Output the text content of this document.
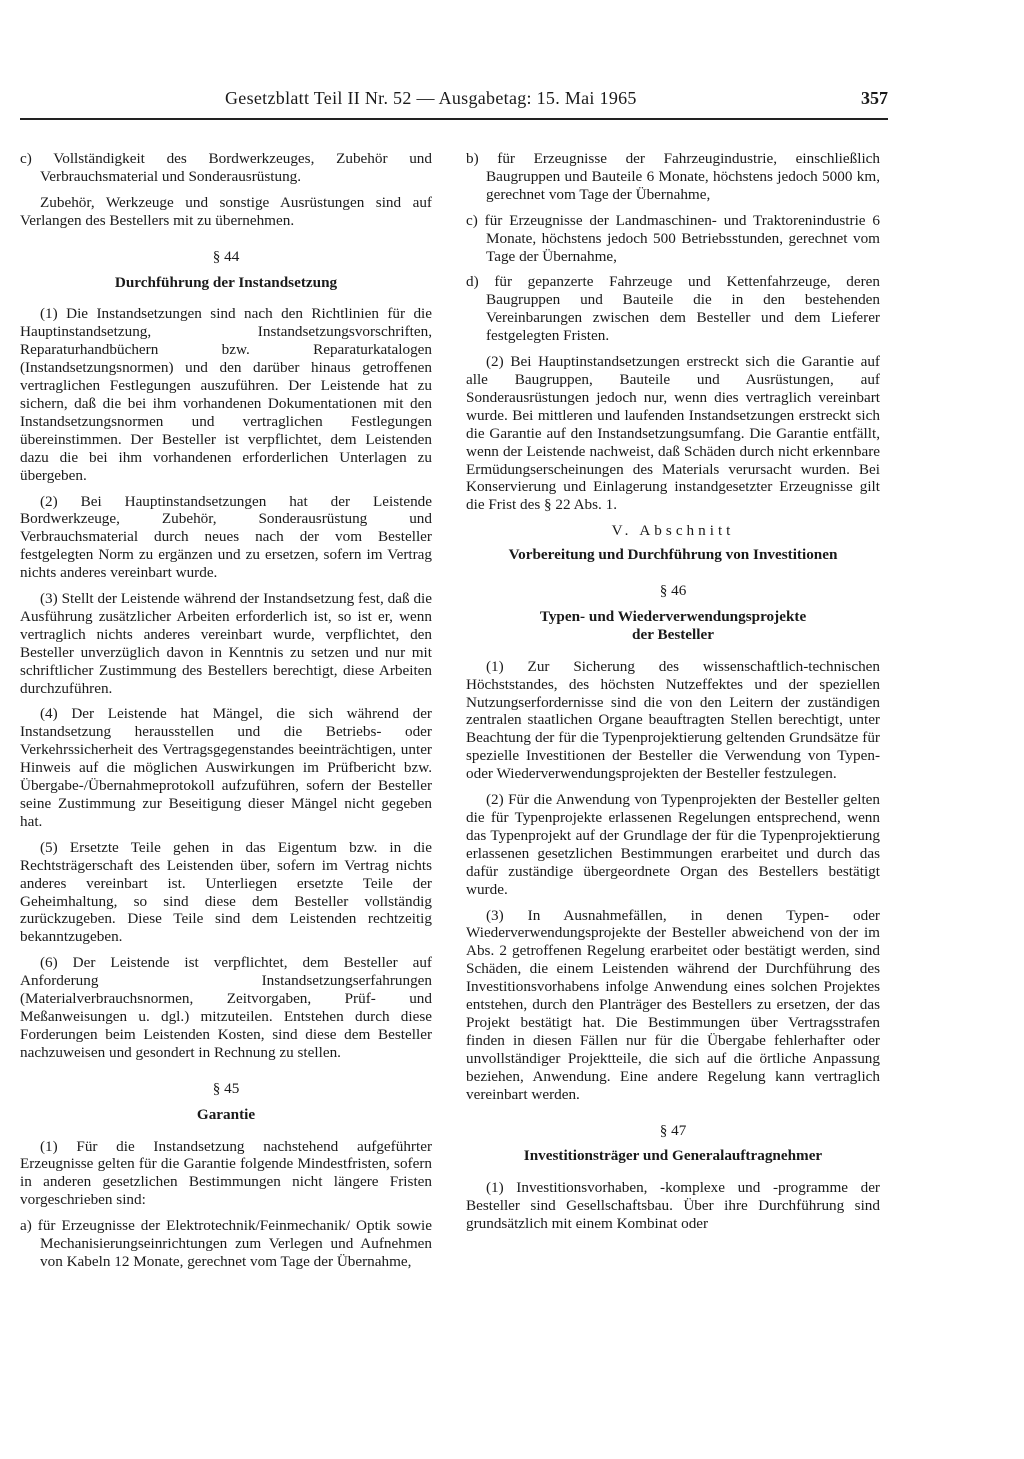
Gesetzblatt Teil II Nr. 52 — Ausgabetag: 15. Mai 1965	357

c) Vollständigkeit des Bordwerkzeuges, Zubehör und Verbrauchsmaterial und Sonderausrüstung.

Zubehör, Werkzeuge und sonstige Ausrüstungen sind auf Verlangen des Bestellers mit zu übernehmen.

§ 44
Durchführung der Instandsetzung

(1) Die Instandsetzungen sind nach den Richtlinien für die Hauptinstandsetzung, Instandsetzungsvorschriften, Reparaturhandbüchern bzw. Reparaturkatalogen (Instandsetzungsnormen) und den darüber hinaus getroffenen vertraglichen Festlegungen auszuführen. Der Leistende hat zu sichern, daß die bei ihm vorhandenen Dokumentationen mit den Instandsetzungsnormen und vertraglichen Festlegungen übereinstimmen. Der Besteller ist verpflichtet, dem Leistenden dazu die bei ihm vorhandenen erforderlichen Unterlagen zu übergeben.

(2) Bei Hauptinstandsetzungen hat der Leistende Bordwerkzeuge, Zubehör, Sonderausrüstung und Verbrauchsmaterial durch neues nach der vom Besteller festgelegten Norm zu ergänzen und zu ersetzen, sofern im Vertrag nichts anderes vereinbart wurde.

(3) Stellt der Leistende während der Instandsetzung fest, daß die Ausführung zusätzlicher Arbeiten erforderlich ist, so ist er, wenn vertraglich nichts anderes vereinbart wurde, verpflichtet, den Besteller unverzüglich davon in Kenntnis zu setzen und nur mit schriftlicher Zustimmung des Bestellers berechtigt, diese Arbeiten durchzuführen.

(4) Der Leistende hat Mängel, die sich während der Instandsetzung herausstellen und die Betriebs- oder Verkehrssicherheit des Vertragsgegenstandes beeinträchtigen, unter Hinweis auf die möglichen Auswirkungen im Prüfbericht bzw. Übergabe-/Übernahmeprotokoll aufzuführen, sofern der Besteller seine Zustimmung zur Beseitigung dieser Mängel nicht gegeben hat.

(5) Ersetzte Teile gehen in das Eigentum bzw. in die Rechtsträgerschaft des Leistenden über, sofern im Vertrag nichts anderes vereinbart ist. Unterliegen ersetzte Teile der Geheimhaltung, so sind diese dem Besteller vollständig zurückzugeben. Diese Teile sind dem Leistenden rechtzeitig bekanntzugeben.

(6) Der Leistende ist verpflichtet, dem Besteller auf Anforderung Instandsetzungserfahrungen (Materialverbrauchsnormen, Zeitvorgaben, Prüf- und Meßanweisungen u. dgl.) mitzuteilen. Entstehen durch diese Forderungen beim Leistenden Kosten, sind diese dem Besteller nachzuweisen und gesondert in Rechnung zu stellen.

§ 45
Garantie

(1) Für die Instandsetzung nachstehend aufgeführter Erzeugnisse gelten für die Garantie folgende Mindestfristen, sofern in anderen gesetzlichen Bestimmungen nicht längere Fristen vorgeschrieben sind:

a) für Erzeugnisse der Elektrotechnik/Feinmechanik/ Optik sowie Mechanisierungseinrichtungen zum Verlegen und Aufnehmen von Kabeln 12 Monate, gerechnet vom Tage der Übernahme,

b) für Erzeugnisse der Fahrzeugindustrie, einschließlich Baugruppen und Bauteile 6 Monate, höchstens jedoch 5000 km, gerechnet vom Tage der Übernahme,

c) für Erzeugnisse der Landmaschinen- und Traktorenindustrie 6 Monate, höchstens jedoch 500 Betriebsstunden, gerechnet vom Tage der Übernahme,

d) für gepanzerte Fahrzeuge und Kettenfahrzeuge, deren Baugruppen und Bauteile die in den bestehenden Vereinbarungen zwischen dem Besteller und dem Lieferer festgelegten Fristen.

(2) Bei Hauptinstandsetzungen erstreckt sich die Garantie auf alle Baugruppen, Bauteile und Ausrüstungen, auf Sonderausrüstungen jedoch nur, wenn dies vertraglich vereinbart wurde. Bei mittleren und laufenden Instandsetzungen erstreckt sich die Garantie auf den Instandsetzungsumfang. Die Garantie entfällt, wenn der Leistende nachweist, daß Schäden durch nicht erkennbare Ermüdungserscheinungen des Materials verursacht wurden. Bei Konservierung und Einlagerung instandgesetzter Erzeugnisse gilt die Frist des § 22 Abs. 1.

V. Abschnitt
Vorbereitung und Durchführung von Investitionen
§ 46
Typen- und Wiederverwendungsprojekte
der Besteller

(1) Zur Sicherung des wissenschaftlich-technischen Höchststandes, des höchsten Nutzeffektes und der speziellen Nutzungserfordernisse sind die von den Leitern der zuständigen zentralen staatlichen Organe beauftragten Stellen berechtigt, unter Beachtung der für die Typenprojektierung geltenden Grundsätze für spezielle Investitionen der Besteller die Verwendung von Typen- oder Wiederverwendungsprojekten der Besteller festzulegen.

(2) Für die Anwendung von Typenprojekten der Besteller gelten die für Typenprojekte erlassenen Regelungen entsprechend, wenn das Typenprojekt auf der Grundlage der für die Typenprojektierung erlassenen gesetzlichen Bestimmungen erarbeitet und durch das dafür zuständige übergeordnete Organ des Bestellers bestätigt wurde.

(3) In Ausnahmefällen, in denen Typen- oder Wiederverwendungsprojekte der Besteller abweichend von der im Abs. 2 getroffenen Regelung erarbeitet oder bestätigt werden, sind Schäden, die einem Leistenden während der Durchführung des Investitionsvorhabens infolge Anwendung eines solchen Projektes entstehen, durch den Planträger des Bestellers zu ersetzen, der das Projekt bestätigt hat. Die Bestimmungen über Vertragsstrafen finden in diesen Fällen nur für die Übergabe fehlerhafter oder unvollständiger Projektteile, die sich auf die örtliche Anpassung beziehen, Anwendung. Eine andere Regelung kann vertraglich vereinbart werden.

§ 47
Investitionsträger und Generalauftragnehmer

(1) Investitionsvorhaben, -komplexe und -programme der Besteller sind Gesellschaftsbau. Über ihre Durchführung sind grundsätzlich mit einem Kombinat oder
